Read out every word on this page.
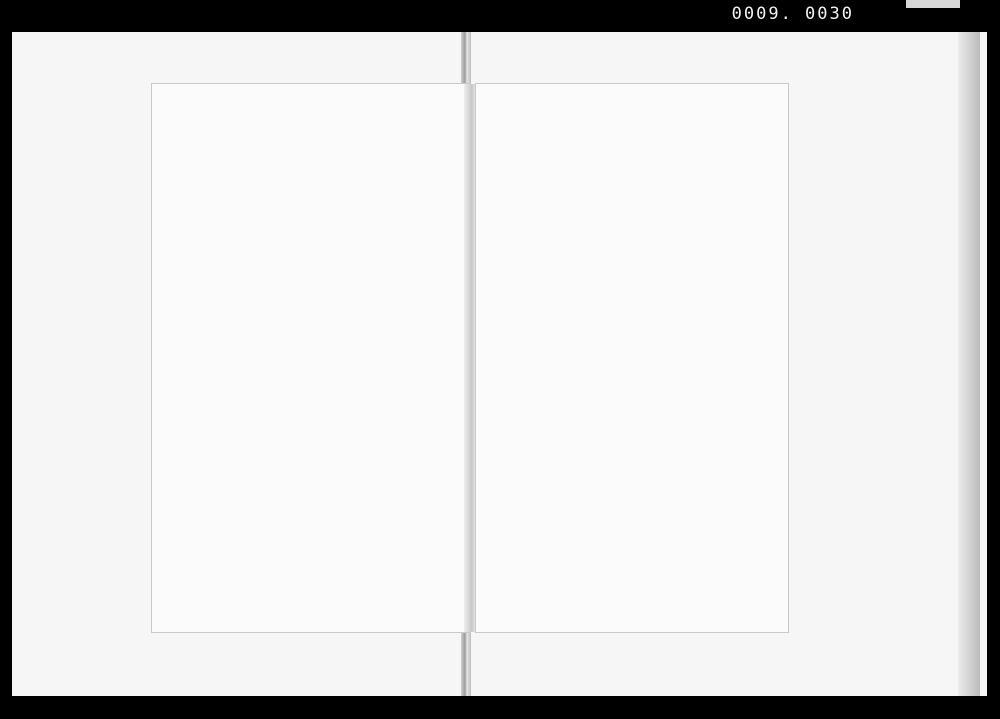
0009. 0030
